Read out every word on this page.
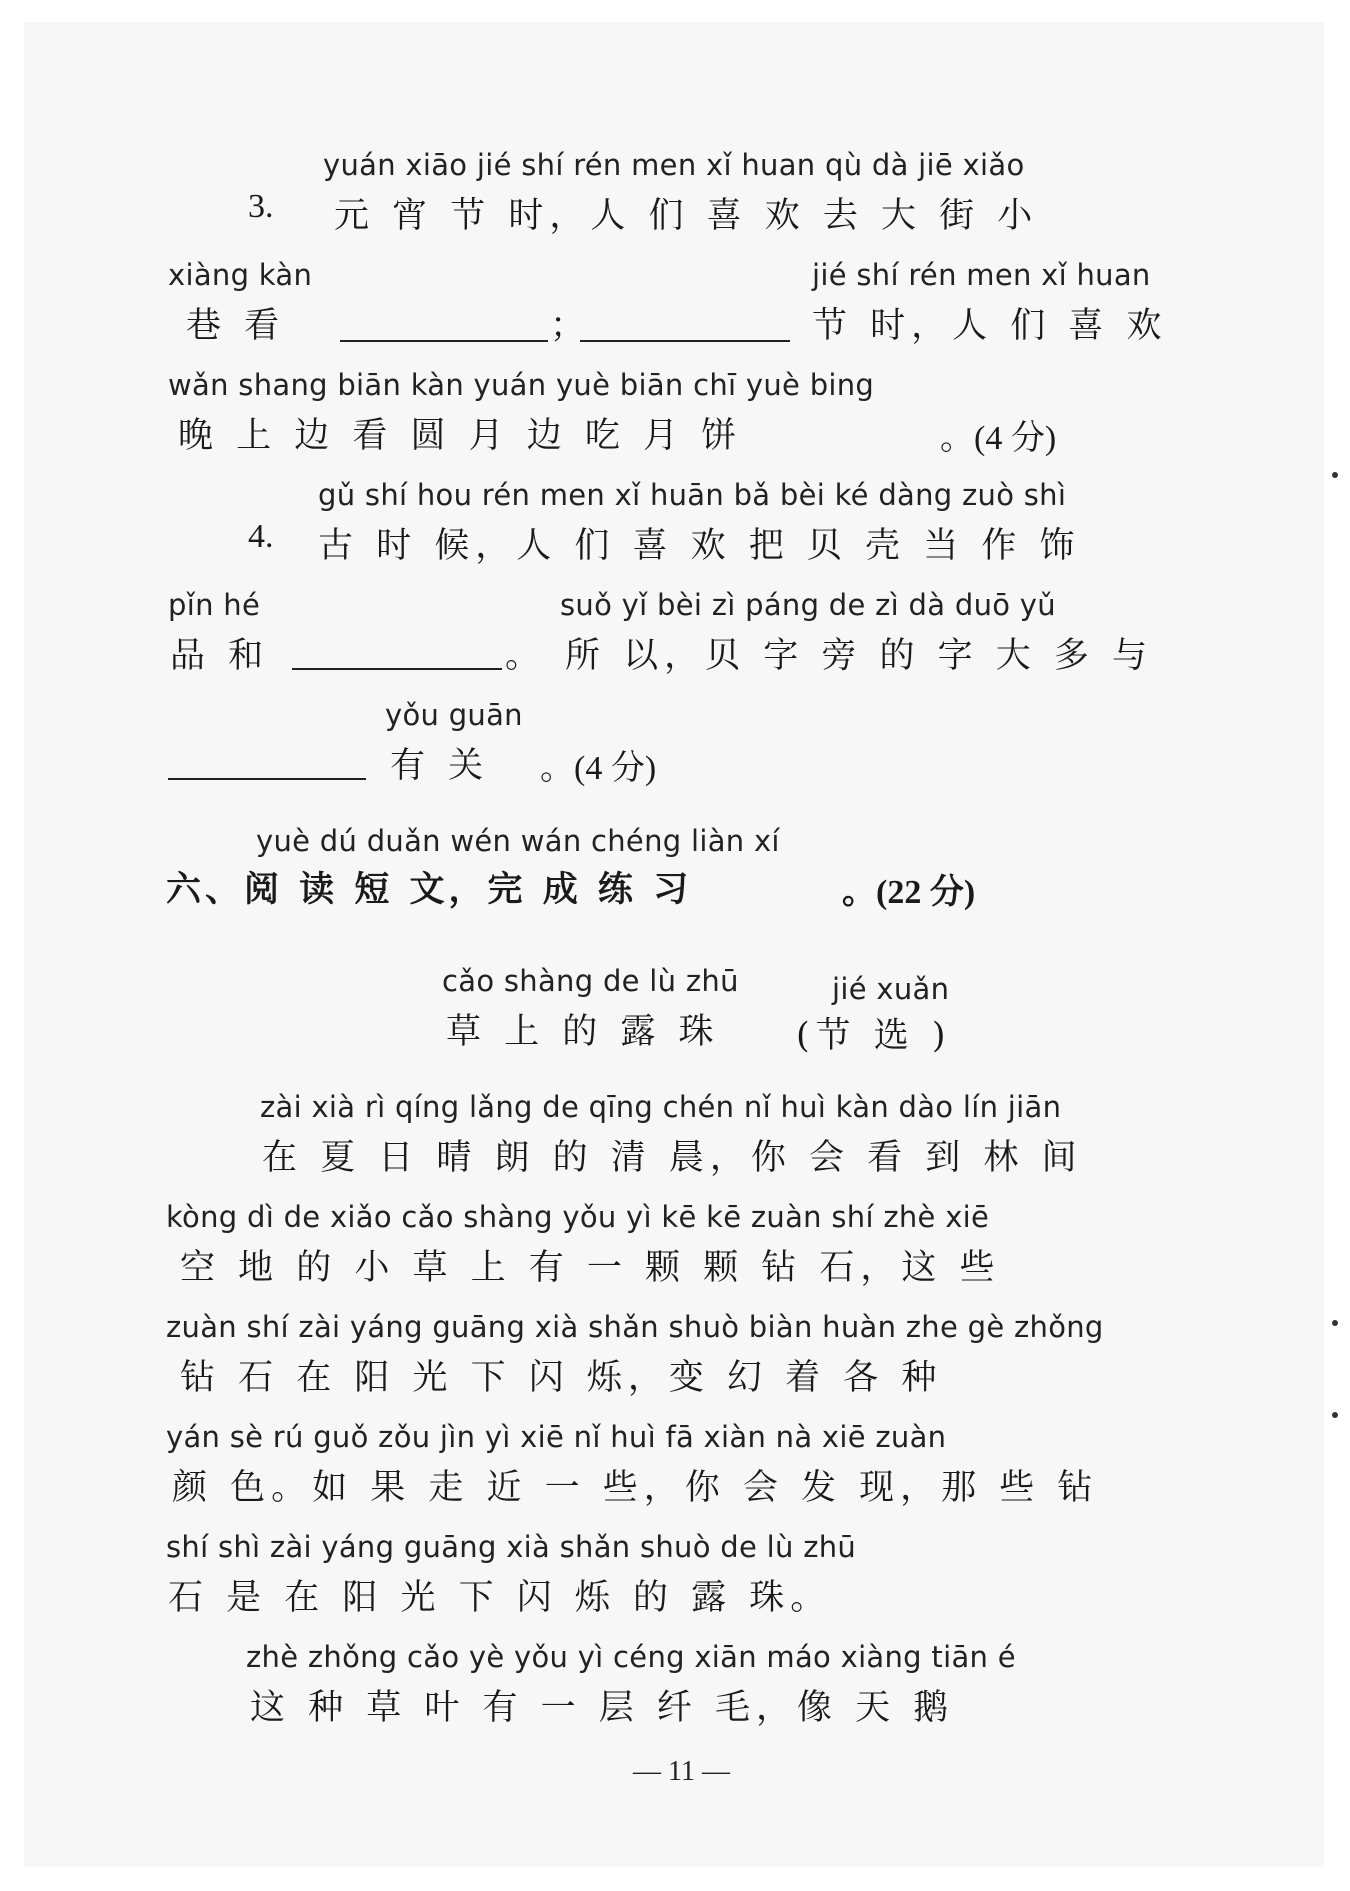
yuán xiāo jié shí rén men xǐ huan qù dà jiē xiǎo
3. 元 宵 节 时，人 们 喜 欢 去 大 街 小
xiàng kàn
巷 看	；
jié shí rén men xǐ huan
节 时，人 们 喜 欢
wǎn shang biān kàn yuán yuè biān chī yuè bing
晚 上 边 看 圆 月 边 吃 月 饼	。(4 分)
gǔ shí hou rén men xǐ huān bǎ bèi ké dàng zuò shì
4. 古 时 候，人 们 喜 欢 把 贝 壳 当 作 饰
pǐn hé
品 和	。
suǒ yǐ bèi zì páng de zì dà duō yǔ
所 以，贝 字 旁 的 字 大 多 与
yǒu guān
有 关 。(4 分)
yuè dú duǎn wén wán chéng liàn xí
六、阅 读 短 文，完 成 练 习	。(22 分)
cǎo shàng de lù zhū	jié xuǎn
草 上 的 露 珠 (节 选 )
zài xià rì qíng lǎng de qīng chén nǐ huì kàn dào lín jiān
在 夏 日 晴 朗 的 清 晨，你 会 看 到 林 间
kòng dì de xiǎo cǎo shàng yǒu yì kē kē zuàn shí zhè xiē
空 地 的 小 草 上 有 一 颗 颗 钻 石，这 些
zuàn shí zài yáng guāng xià shǎn shuò biàn huàn zhe gè zhǒng
钻 石 在 阳 光 下 闪 烁，变 幻 着 各 种
yán sè rú guǒ zǒu jìn yì xiē nǐ huì fā xiàn nà xiē zuàn
颜 色。如 果 走 近 一 些，你 会 发 现，那 些 钻
shí shì zài yáng guāng xià shǎn shuò de lù zhū
石 是 在 阳 光 下 闪 烁 的 露 珠。
zhè zhǒng cǎo yè yǒu yì céng xiān máo xiàng tiān é
这 种 草 叶 有 一 层 纤 毛，像 天 鹅
— 11 —
